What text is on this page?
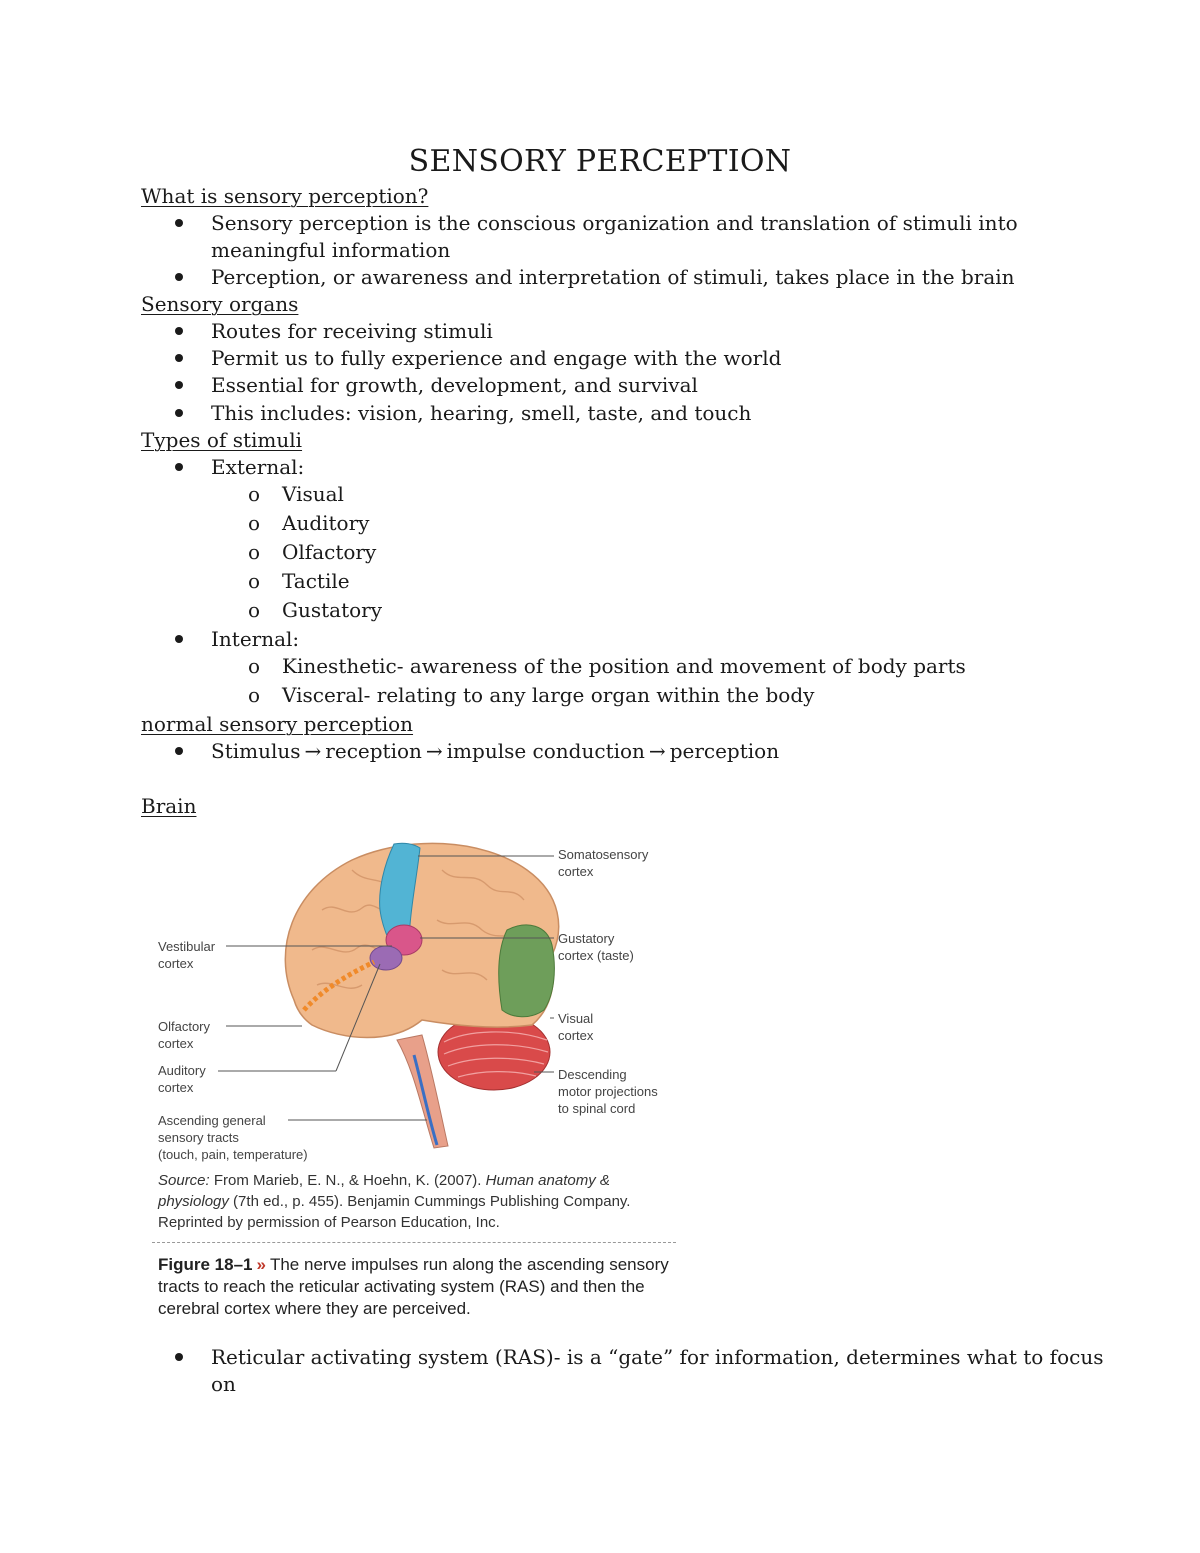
SENSORY PERCEPTION
What is sensory perception?
Sensory perception is the conscious organization and translation of stimuli into
meaningful information
Perception, or awareness and interpretation of stimuli, takes place in the brain
Sensory organs
Routes for receiving stimuli
Permit us to fully experience and engage with the world
Essential for growth, development, and survival
This includes: vision, hearing, smell, taste, and touch
Types of stimuli
External:
o Visual
o Auditory
o Olfactory
o Tactile
o Gustatory
Internal:
o Kinesthetic- awareness of the position and movement of body parts
o Visceral- relating to any large organ within the body
normal sensory perception
Stimulus → reception → impulse conduction → perception
Brain
Somatosensory
cortex
Vestibular
cortex
Gustatory
cortex (taste)
Visual
cortex
Olfactory
cortex
Auditory
cortex
Descending
motor projections
to spinal cord
Ascending general
sensory tracts
(touch, pain, temperature)
Source: From Marieb, E. N., & Hoehn, K. (2007). Human anatomy & physiology (7th ed., p. 455). Benjamin Cummings Publishing Company. Reprinted by permission of Pearson Education, Inc.
Figure 18–1 » The nerve impulses run along the ascending sensory tracts to reach the reticular activating system (RAS) and then the cerebral cortex where they are perceived.
Reticular activating system (RAS)- is a “gate” for information, determines what to focus
on
